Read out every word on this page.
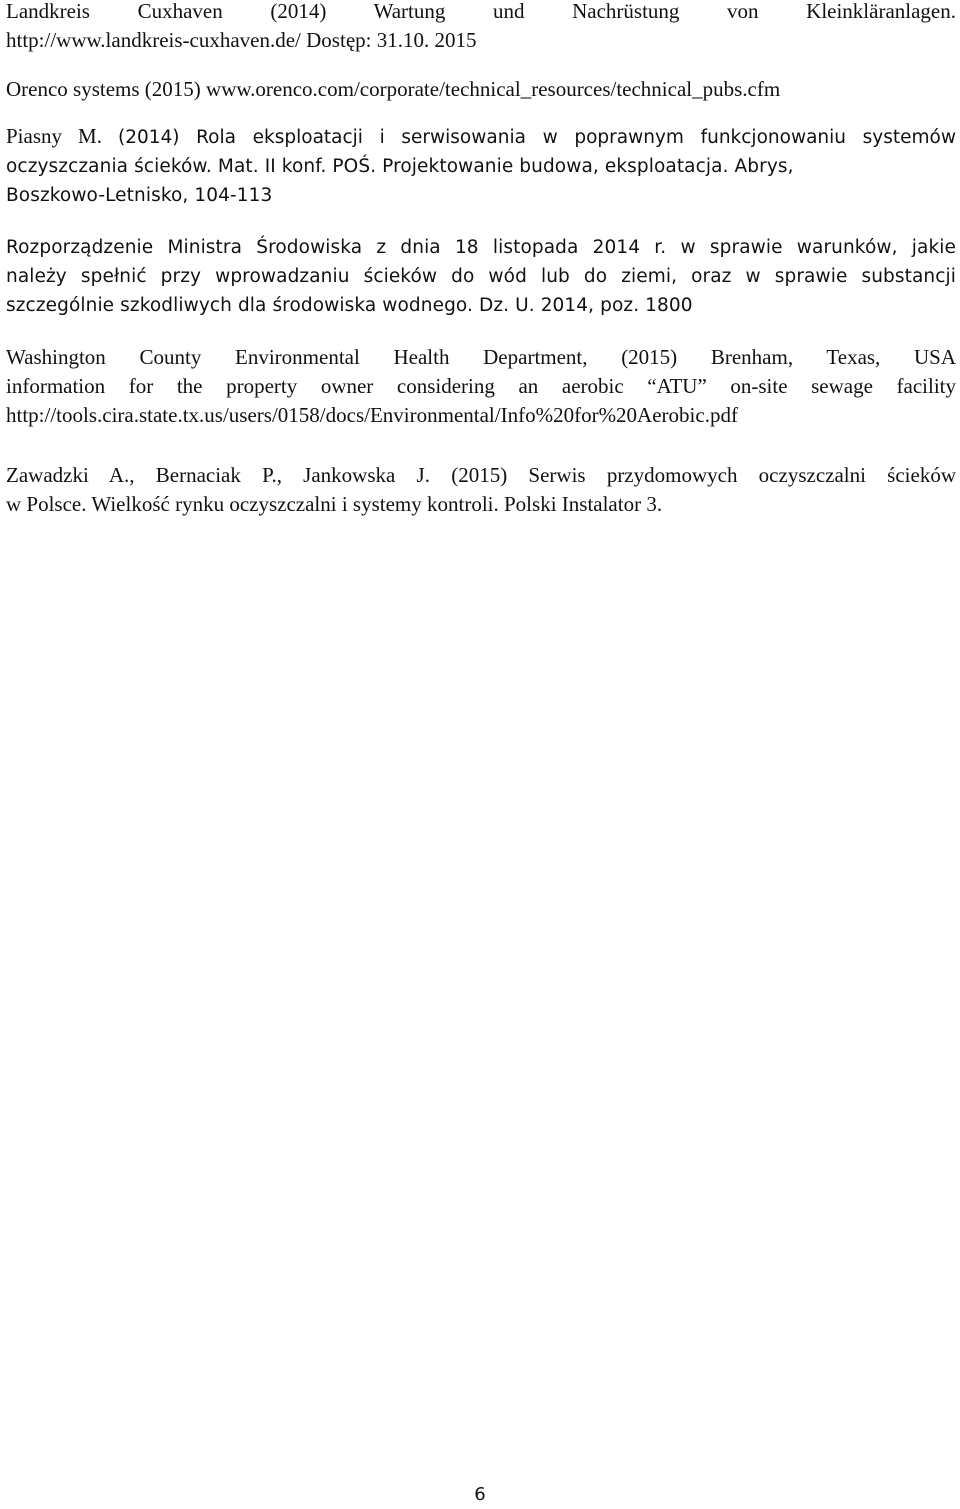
Landkreis Cuxhaven (2014) Wartung und Nachrüstung von Kleinkläranlagen.
http://www.landkreis-cuxhaven.de/ Dostęp: 31.10. 2015
Orenco systems (2015) www.orenco.com/corporate/technical_resources/technical_pubs.cfm
Piasny M. (2014) Rola eksploatacji i serwisowania w poprawnym funkcjonowaniu systemów
oczyszczania ścieków. Mat. II konf. POŚ. Projektowanie budowa, eksploatacja. Abrys,
Boszkowo-Letnisko, 104-113
Rozporządzenie Ministra Środowiska z dnia 18 listopada 2014 r. w sprawie warunków, jakie
należy spełnić przy wprowadzaniu ścieków do wód lub do ziemi, oraz w sprawie substancji
szczególnie szkodliwych dla środowiska wodnego. Dz. U. 2014, poz. 1800
Washington County Environmental Health Department, (2015) Brenham, Texas, USA
information for the property owner considering an aerobic “ATU” on-site sewage facility
http://tools.cira.state.tx.us/users/0158/docs/Environmental/Info%20for%20Aerobic.pdf
Zawadzki A., Bernaciak P., Jankowska J. (2015) Serwis przydomowych oczyszczalni ścieków
w Polsce. Wielkość rynku oczyszczalni i systemy kontroli. Polski Instalator 3.

6
